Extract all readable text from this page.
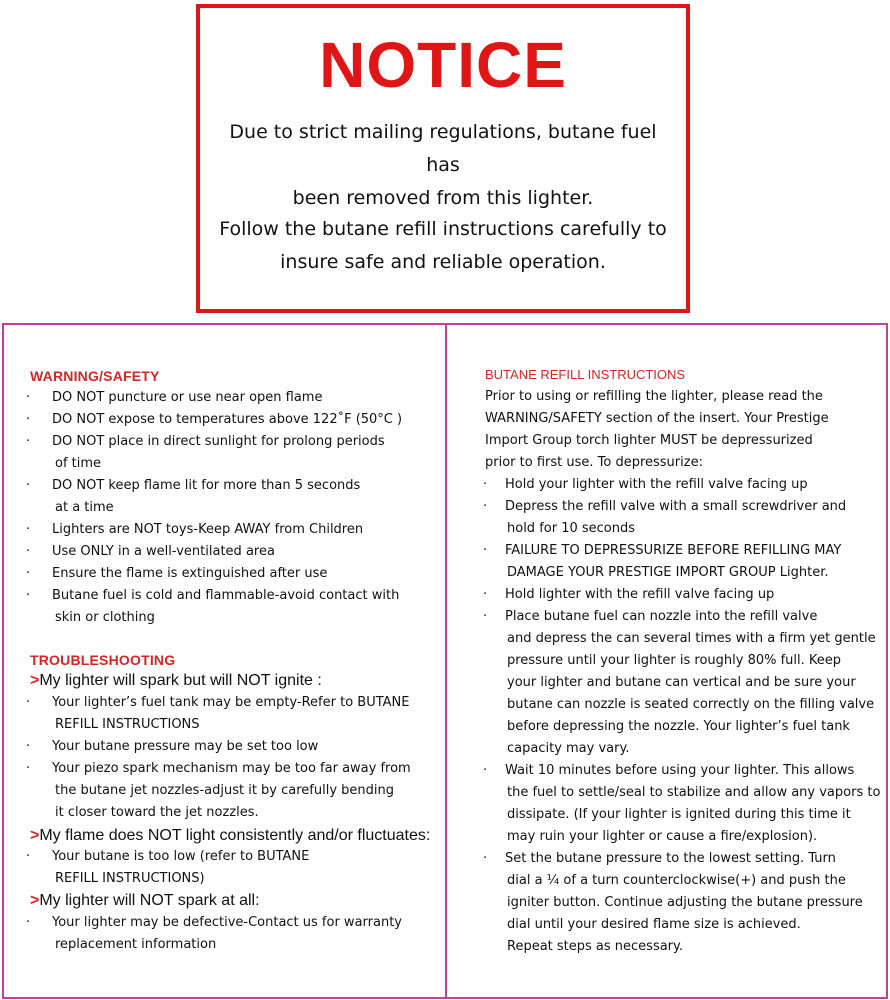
NOTICE
Due to strict mailing regulations, butane fuel has
been removed from this lighter.
Follow the butane refill instructions carefully to
insure safe and reliable operation.
WARNING/SAFETY
· DO NOT puncture or use near open flame
· DO NOT expose to temperatures above 122˚F (50°C )
· DO NOT place in direct sunlight for prolong periods
of time
· DO NOT keep flame lit for more than 5 seconds
at a time
· Lighters are NOT toys-Keep AWAY from Children
· Use ONLY in a well-ventilated area
· Ensure the flame is extinguished after use
· Butane fuel is cold and flammable-avoid contact with
skin or clothing
TROUBLESHOOTING
>My lighter will spark but will NOT ignite :
· Your lighter’s fuel tank may be empty-Refer to BUTANE
REFILL INSTRUCTIONS
· Your butane pressure may be set too low
· Your piezo spark mechanism may be too far away from
the butane jet nozzles-adjust it by carefully bending
it closer toward the jet nozzles.
>My flame does NOT light consistently and/or fluctuates:
· Your butane is too low (refer to BUTANE
REFILL INSTRUCTIONS)
>My lighter will NOT spark at all:
· Your lighter may be defective-Contact us for warranty
replacement information
BUTANE REFILL INSTRUCTIONS
Prior to using or refilling the lighter, please read the
WARNING/SAFETY section of the insert. Your Prestige
Import Group torch lighter MUST be depressurized
prior to first use. To depressurize:
· Hold your lighter with the refill valve facing up
· Depress the refill valve with a small screwdriver and
hold for 10 seconds
· FAILURE TO DEPRESSURIZE BEFORE REFILLING MAY
DAMAGE YOUR PRESTIGE IMPORT GROUP Lighter.
· Hold lighter with the refill valve facing up
· Place butane fuel can nozzle into the refill valve
and depress the can several times with a firm yet gentle
pressure until your lighter is roughly 80% full. Keep
your lighter and butane can vertical and be sure your
butane can nozzle is seated correctly on the filling valve
before depressing the nozzle. Your lighter’s fuel tank
capacity may vary.
· Wait 10 minutes before using your lighter. This allows
the fuel to settle/seal to stabilize and allow any vapors to
dissipate. (If your lighter is ignited during this time it
may ruin your lighter or cause a fire/explosion).
· Set the butane pressure to the lowest setting. Turn
dial a ¼ of a turn counterclockwise(+) and push the
igniter button. Continue adjusting the butane pressure
dial until your desired flame size is achieved.
Repeat steps as necessary.
